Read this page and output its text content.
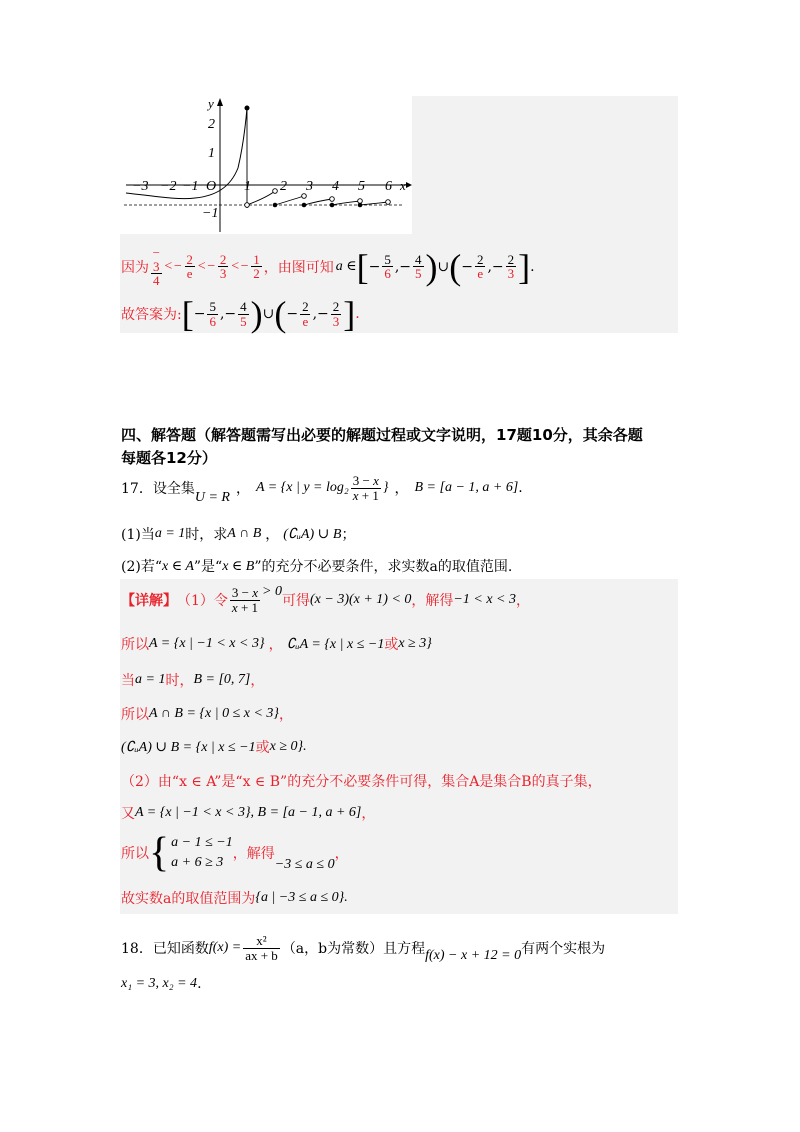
−3 −2 −1 O 1 2 3 4 5 6
2
1
−1
x
y
因为
−
$\frac{3}{4} <- \frac{2}{e} <- \frac{2}{3} <- \frac{1}{2}$ ，由图可知 a ∈ [ − $\frac{5}{6}$ ,− $\frac{4}{5}$ ) ∪ ( − $\frac{2}{e}$ ,− $\frac{2}{3}$ ] .
故答案为: [ − $\frac{5}{6}$ ,− $\frac{4}{5}$ ) ∪ ( − $\frac{2}{e}$ ,− $\frac{2}{3}$ ] .
四、解答题（解答题需写出必要的解题过程或文字说明，17题10分，其余各题
每题各12分）
17．设全集
U = R
， A = {x | $y = \log_2 \frac{3 - x}{x + 1}$ } ， B = [a − 1, a + 6] .
(1)当 a = 1 时，求 A ∩ B ， (∁ᵤA) ∪ B ；
(2)若“ x ∈ A ”是“ x ∈ B ”的充分不必要条件，求实数a的取值范围.
【详解】 （1）令 $\frac{3 - x}{x + 1} > 0$
可得 (x − 3)(x + 1) < 0 ，解得 −1 < x < 3 ，
所以 A = {x | −1 < x < 3} ， ∁ᵤA = {x | x ≤ −1 或 x ≥ 3}
当 a = 1 时， B = [0, 7] ，
所以 A ∩ B = {x | 0 ≤ x < 3} ，
(∁ᵤA) ∪ B = {x | x ≤ −1 或 x ≥ 0}.
（2）由“x ∈ A”是“x ∈ B”的充分不必要条件可得，集合A是集合B的真子集，
又 A = {x | −1 < x < 3}, B = [a − 1, a + 6] ，
所以 { a − 1 ≤ −1
a + 6 ≥ 3
，解得
−3 ≤ a ≤ 0
，
故实数a的取值范围为 {a | −3 ≤ a ≤ 0}.
18．已知函数 $f(x) = \frac{\text{x²}}{ax + b} (a$，b为常数）且方程 f(x) − x + 12 = 0 有两个实根为
x₁ = 3, x₂ = 4 .
